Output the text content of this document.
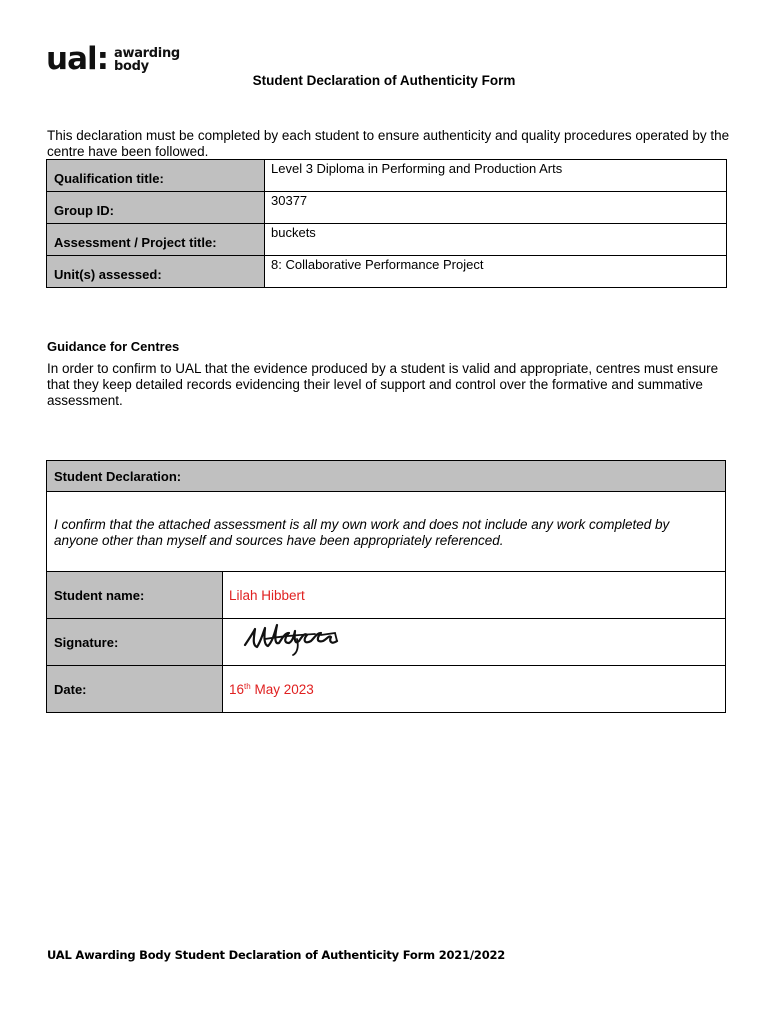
ual: awarding
body
Student Declaration of Authenticity Form
This declaration must be completed by each student to ensure authenticity and quality procedures operated by the centre have been followed.
Qualification title:	Level 3 Diploma in Performing and Production Arts
Group ID:	30377
Assessment / Project title:	buckets
Unit(s) assessed:	8: Collaborative Performance Project
Guidance for Centres
In order to confirm to UAL that the evidence produced by a student is valid and appropriate, centres must ensure that they keep detailed records evidencing their level of support and control over the formative and summative assessment.
Student Declaration:	
I confirm that the attached assessment is all my own work and does not include any work completed by anyone other than myself and sources have been appropriately referenced.	
Student name:	Lilah Hibbert
Signature:	

Date:	16th May 2023
UAL Awarding Body Student Declaration of Authenticity Form 2021/2022
